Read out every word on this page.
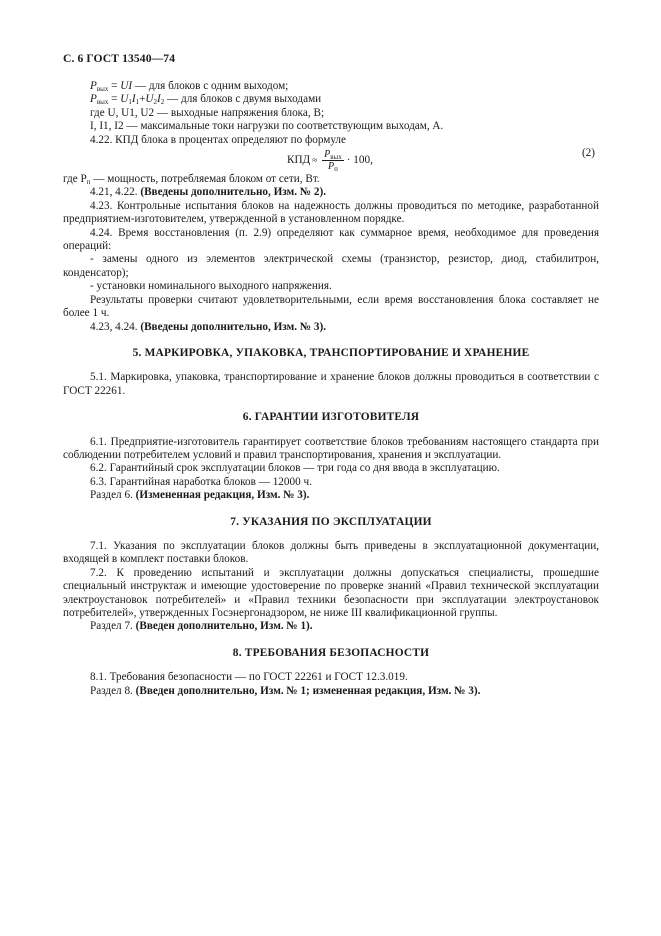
С. 6 ГОСТ 13540—74

$P_{вых}$ = UI — для блоков с одним выходом;

$P_{вых} = U_1I_1+U_2I_2$ — для блоков с двумя выходами

где U, U1, U2 — выходные напряжения блока, В;

I, I1, I2 — максимальные токи нагрузки по соответствующим выходам, А.

4.22. КПД блока в процентах определяют по формуле

КПД ≈ $\frac{P_{вых}}{P_п} \cdot 100$,
(2)

где $P_п$ — мощность, потребляемая блоком от сети, Вт.

4.21, 4.22. (Введены дополнительно, Изм. № 2).

4.23. Контрольные испытания блоков на надежность должны проводиться по методике, разработанной предприятием-изготовителем, утвержденной в установленном порядке.

4.24. Время восстановления (п. 2.9) определяют как суммарное время, необходимое для проведения операций:

- замены одного из элементов электрической схемы (транзистор, резистор, диод, стабилитрон, конденсатор);

- установки номинального выходного напряжения.

Результаты проверки считают удовлетворительными, если время восстановления блока составляет не более 1 ч.

4.23, 4.24. (Введены дополнительно, Изм. № 3).

5. МАРКИРОВКА, УПАКОВКА, ТРАНСПОРТИРОВАНИЕ И ХРАНЕНИЕ

5.1. Маркировка, упаковка, транспортирование и хранение блоков должны проводиться в соответствии с ГОСТ 22261.

6. ГАРАНТИИ ИЗГОТОВИТЕЛЯ

6.1. Предприятие-изготовитель гарантирует соответствие блоков требованиям настоящего стандарта при соблюдении потребителем условий и правил транспортирования, хранения и эксплуатации.

6.2. Гарантийный срок эксплуатации блоков — три года со дня ввода в эксплуатацию.

6.3. Гарантийная наработка блоков — 12000 ч.

Раздел 6. (Измененная редакция, Изм. № 3).

7. УКАЗАНИЯ ПО ЭКСПЛУАТАЦИИ

7.1. Указания по эксплуатации блоков должны быть приведены в эксплуатационной документации, входящей в комплект поставки блоков.

7.2. К проведению испытаний и эксплуатации должны допускаться специалисты, прошедшие специальный инструктаж и имеющие удостоверение по проверке знаний «Правил технической эксплуатации электроустановок потребителей» и «Правил техники безопасности при эксплуатации электроустановок потребителей», утвержденных Госэнергонадзором, не ниже III квалификационной группы.

Раздел 7. (Введен дополнительно, Изм. № 1).

8. ТРЕБОВАНИЯ БЕЗОПАСНОСТИ

8.1. Требования безопасности — по ГОСТ 22261 и ГОСТ 12.3.019.

Раздел 8. (Введен дополнительно, Изм. № 1; измененная редакция, Изм. № 3).
